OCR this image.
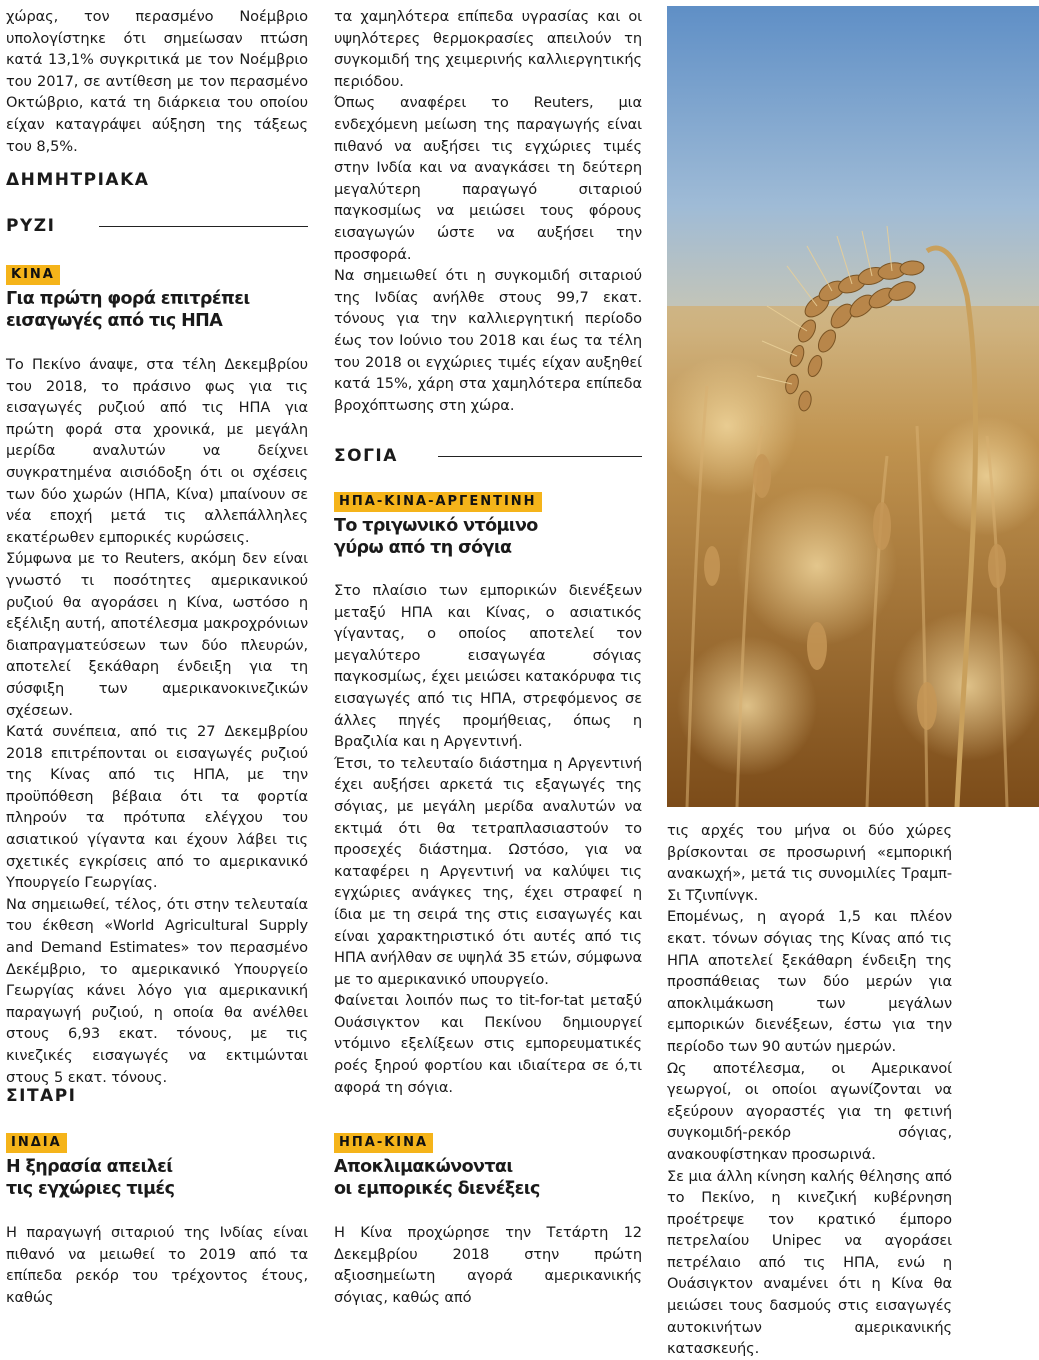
χώρας, τον περασμένο Νοέμβριο υπολογίστηκε ότι σημείωσαν πτώση κατά 13,1% συγκριτικά με τον Νοέμβριο του 2017, σε αντίθεση με τον περασμένο Οκτώβριο, κατά τη διάρκεια του οποίου είχαν καταγράψει αύξηση της τάξεως του 8,5%.

ΔΗΜΗΤΡΙΑΚΑ
ΡΥΖΙ
ΚΙΝΑ
Για πρώτη φορά επιτρέπει
εισαγωγές από τις ΗΠΑ

Το Πεκίνο άναψε, στα τέλη Δεκεμβρίου του 2018, το πράσινο φως για τις εισαγωγές ρυζιού από τις ΗΠΑ για πρώτη φορά στα χρονικά, με μεγάλη μερίδα αναλυτών να δείχνει συγκρατημένα αισιόδοξη ότι οι σχέσεις των δύο χωρών (ΗΠΑ, Κίνα) μπαίνουν σε νέα εποχή μετά τις αλλεπάλληλες εκατέρωθεν εμπορικές κυρώσεις.

Σύμφωνα με το Reuters, ακόμη δεν είναι γνωστό τι ποσότητες αμερικανικού ρυζιού θα αγοράσει η Κίνα, ωστόσο η εξέλιξη αυτή, αποτέλεσμα μακροχρόνιων διαπραγματεύσεων των δύο πλευρών, αποτελεί ξεκάθαρη ένδειξη για τη σύσφιξη των αμερικανοκινεζικών σχέσεων.

Κατά συνέπεια, από τις 27 Δεκεμβρίου 2018 επιτρέπονται οι εισαγωγές ρυζιού της Κίνας από τις ΗΠΑ, με την προϋπόθεση βέβαια ότι τα φορτία πληρούν τα πρότυπα ελέγχου του ασιατικού γίγαντα και έχουν λάβει τις σχετικές εγκρίσεις από το αμερικανικό Υπουργείο Γεωργίας.

Να σημειωθεί, τέλος, ότι στην τελευταία του έκθεση «World Agricultural Supply and Demand Estimates» τον περασμένο Δεκέμβριο, το αμερικανικό Υπουργείο Γεωργίας κάνει λόγο για αμερικανική παραγωγή ρυζιού, η οποία θα ανέλθει στους 6,93 εκατ. τόνους, με τις κινεζικές εισαγωγές να εκτιμώνται στους 5 εκατ. τόνους.

ΣΙΤΑΡΙ
ΙΝΔΙΑ
Η ξηρασία απειλεί
τις εγχώριες τιμές

Η παραγωγή σιταριού της Ινδίας είναι πιθανό να μειωθεί το 2019 από τα επίπεδα ρεκόρ του τρέχοντος έτους, καθώς

τα χαμηλότερα επίπεδα υγρασίας και οι υψηλότερες θερμοκρασίες απειλούν τη συγκομιδή της χειμερινής καλλιεργητικής περιόδου.

Όπως αναφέρει το Reuters, μια ενδεχόμενη μείωση της παραγωγής είναι πιθανό να αυξήσει τις εγχώριες τιμές στην Ινδία και να αναγκάσει τη δεύτερη μεγαλύτερη παραγωγό σιταριού παγκοσμίως να μειώσει τους φόρους εισαγωγών ώστε να αυξήσει την προσφορά.

Να σημειωθεί ότι η συγκομιδή σιταριού της Ινδίας ανήλθε στους 99,7 εκατ. τόνους για την καλλιεργητική περίοδο έως τον Ιούνιο του 2018 και έως τα τέλη του 2018 οι εγχώριες τιμές είχαν αυξηθεί κατά 15%, χάρη στα χαμηλότερα επίπεδα βροχόπτωσης στη χώρα.

ΣΟΓΙΑ
ΗΠΑ-ΚΙΝΑ-ΑΡΓΕΝΤΙΝΗ
Το τριγωνικό ντόμινο
γύρω από τη σόγια

Στο πλαίσιο των εμπορικών διενέξεων μεταξύ ΗΠΑ και Κίνας, ο ασιατικός γίγαντας, ο οποίος αποτελεί τον μεγαλύτερο εισαγωγέα σόγιας παγκοσμίως, έχει μειώσει κατακόρυφα τις εισαγωγές από τις ΗΠΑ, στρεφόμενος σε άλλες πηγές προμήθειας, όπως η Βραζιλία και η Αργεντινή.

Έτσι, το τελευταίο διάστημα η Αργεντινή έχει αυξήσει αρκετά τις εξαγωγές της σόγιας, με μεγάλη μερίδα αναλυτών να εκτιμά ότι θα τετραπλασιαστούν το προσεχές διάστημα. Ωστόσο, για να καταφέρει η Αργεντινή να καλύψει τις εγχώριες ανάγκες της, έχει στραφεί η ίδια με τη σειρά της στις εισαγωγές και είναι χαρακτηριστικό ότι αυτές από τις ΗΠΑ ανήλθαν σε υψηλά 35 ετών, σύμφωνα με το αμερικανικό υπουργείο.

Φαίνεται λοιπόν πως το tit-for-tat μεταξύ Ουάσιγκτον και Πεκίνου δημιουργεί ντόμινο εξελίξεων στις εμπορευματικές ροές ξηρού φορτίου και ιδιαίτερα σε ό,τι αφορά τη σόγια.

ΗΠΑ-ΚΙΝΑ
Αποκλιμακώνονται
οι εμπορικές διενέξεις

Η Κίνα προχώρησε την Τετάρτη 12 Δεκεμβρίου 2018 στην πρώτη αξιοσημείωτη αγορά αμερικανικής σόγιας, καθώς από

τις αρχές του μήνα οι δύο χώρες βρίσκονται σε προσωρινή «εμπορική ανακωχή», μετά τις συνομιλίες Τραμπ-Σι Τζινπίνγκ.

Επομένως, η αγορά 1,5 και πλέον εκατ. τόνων σόγιας της Κίνας από τις ΗΠΑ αποτελεί ξεκάθαρη ένδειξη της προσπάθειας των δύο μερών για αποκλιμάκωση των μεγάλων εμπορικών διενέξεων, έστω για την περίοδο των 90 αυτών ημερών.

Ως αποτέλεσμα, οι Αμερικανοί γεωργοί, οι οποίοι αγωνίζονται να εξεύρουν αγοραστές για τη φετινή συγκομιδή-ρεκόρ σόγιας, ανακουφίστηκαν προσωρινά.

Σε μια άλλη κίνηση καλής θέλησης από το Πεκίνο, η κινεζική κυβέρνηση προέτρεψε τον κρατικό έμπορο πετρελαίου Unipec να αγοράσει πετρέλαιο από τις ΗΠΑ, ενώ η Ουάσιγκτον αναμένει ότι η Κίνα θα μειώσει τους δασμούς στις εισαγωγές αυτοκινήτων αμερικανικής κατασκευής.
